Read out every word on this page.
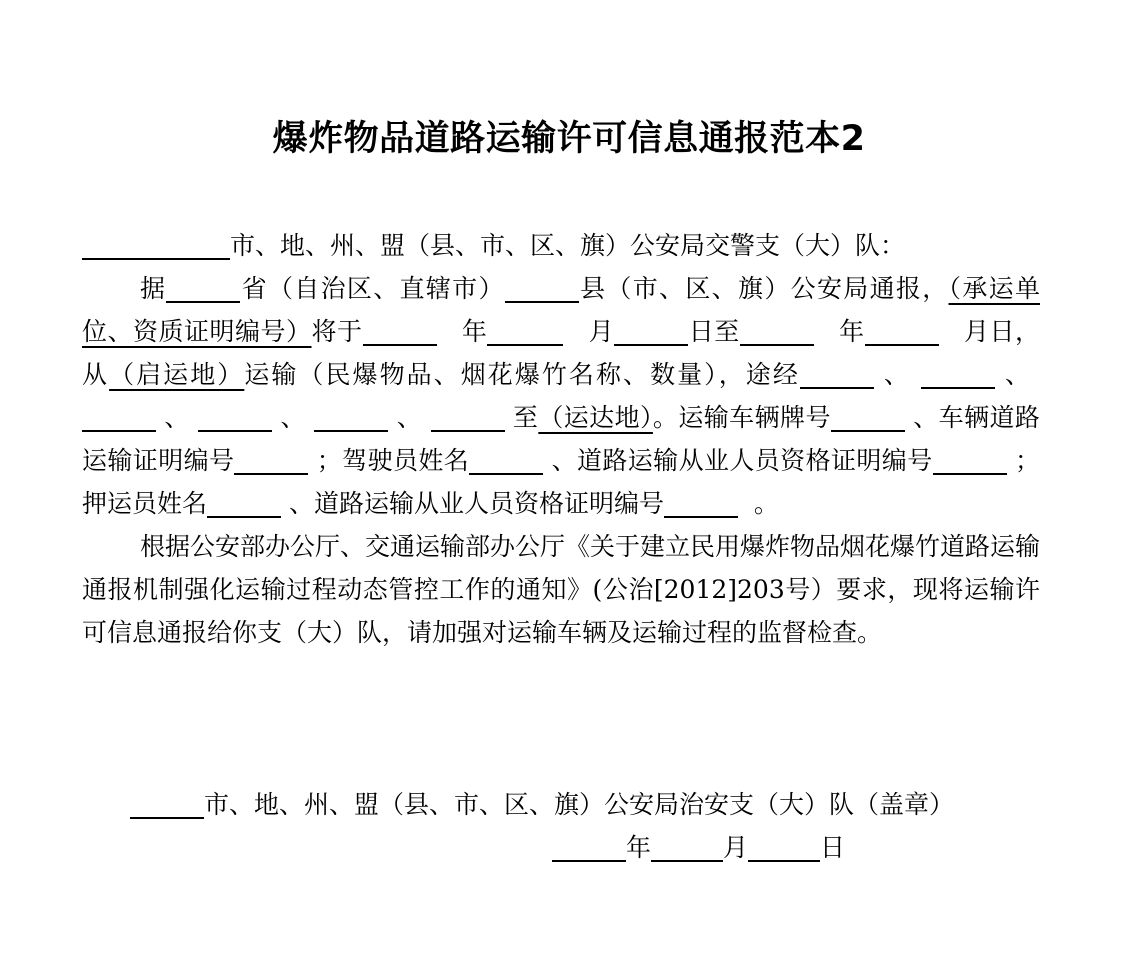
爆炸物品道路运输许可信息通报范本2

市、地、州、盟（县、市、区、旗）公安局交警支（大）队：

据	省（自治区、直辖市）	县（市、区、旗）公安局通报，（承运单位、资质证明编号）将于	年	月	日至	年	月日，从（启运地）运输（民爆物品、烟花爆竹名称、数量），途经	、	、  、	、	、	至（运达地）。运输车辆牌号	、车辆道路运输证明编号	；驾驶员姓名	、道路运输从业人员资格证明编号	；押运员姓名	、道路运输从业人员资格证明编号	。

根据公安部办公厅、交通运输部办公厅《关于建立民用爆炸物品烟花爆竹道路运输通报机制强化运输过程动态管控工作的通知》(公治[2012]203号）要求，现将运输许可信息通报给你支（大）队，请加强对运输车辆及运输过程的监督检查。

市、地、州、盟（县、市、区、旗）公安局治安支（大）队（盖章）
年	月	日
